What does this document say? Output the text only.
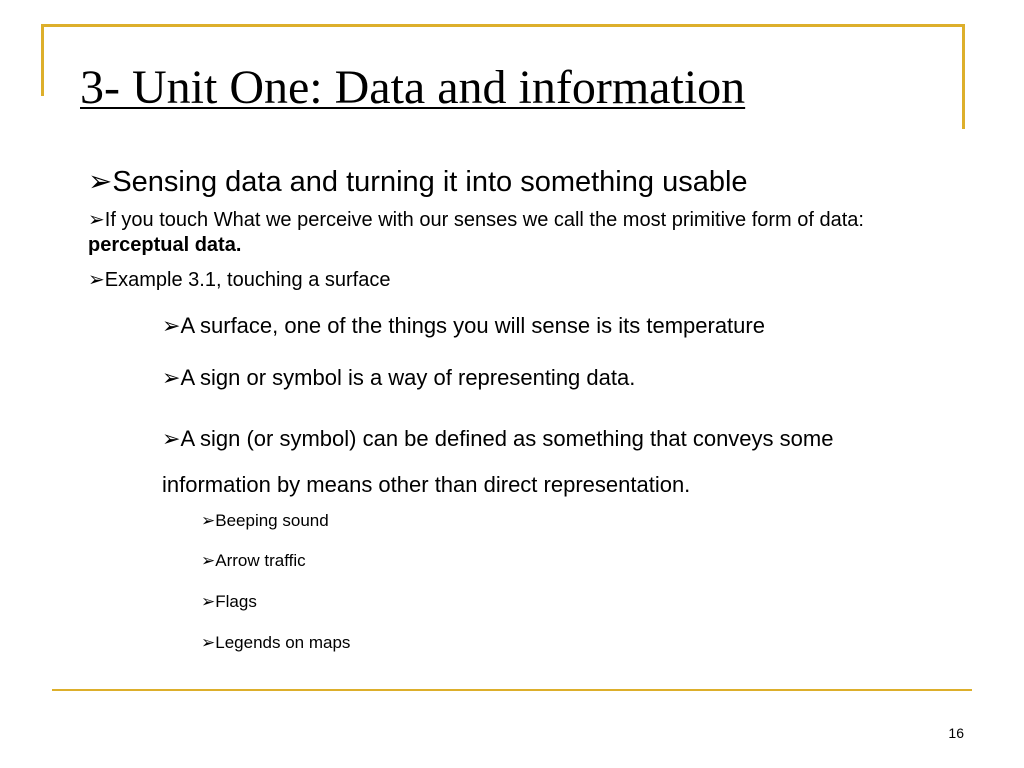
3- Unit One: Data and information
➢Sensing data and turning it into something usable
➢If you touch What we perceive with our senses we call the most primitive form of data: perceptual data.
➢Example 3.1, touching a surface
➢A surface, one of the things you will sense is its temperature
➢A sign or symbol is a way of representing data.
➢A sign (or symbol) can be defined as something that conveys some information by means other than direct representation.
➢Beeping sound
➢Arrow traffic
➢Flags
➢Legends on maps
16
